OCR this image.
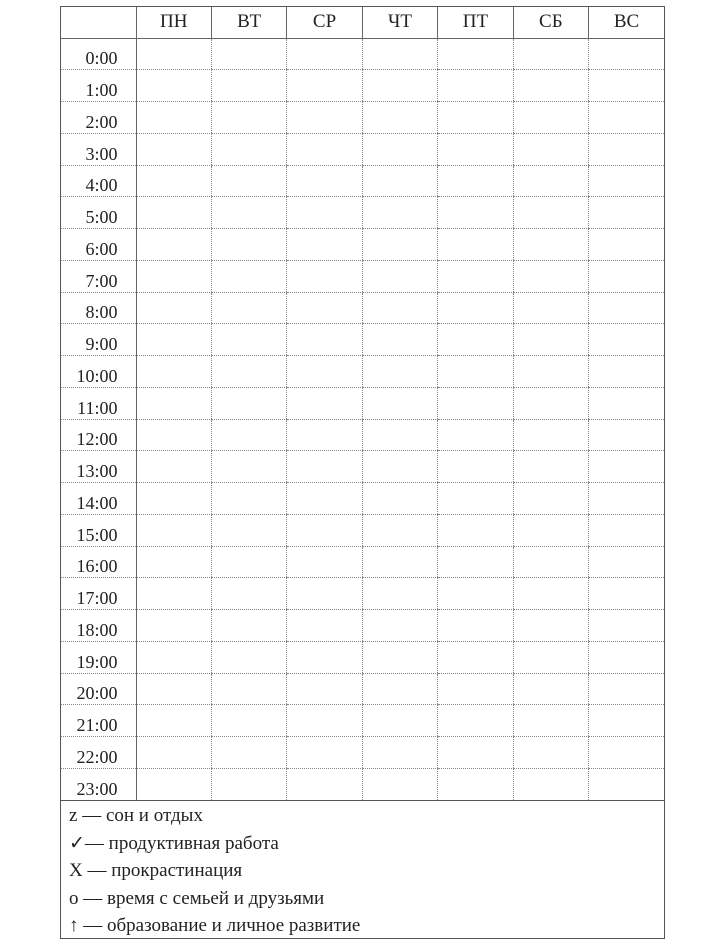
	ПН	ВТ	СР	ЧТ	ПТ	СБ	ВС
0:00							
1:00							
2:00							
3:00							
4:00							
5:00							
6:00							
7:00							
8:00							
9:00							
10:00							
11:00							
12:00							
13:00							
14:00							
15:00							
16:00							
17:00							
18:00							
19:00							
20:00							
21:00							
22:00							
23:00							
z — сон и отдых
✓— продуктивная работа
X — прокрастинация
o — время с семьей и друзьями
↑ — образование и личное развитие
